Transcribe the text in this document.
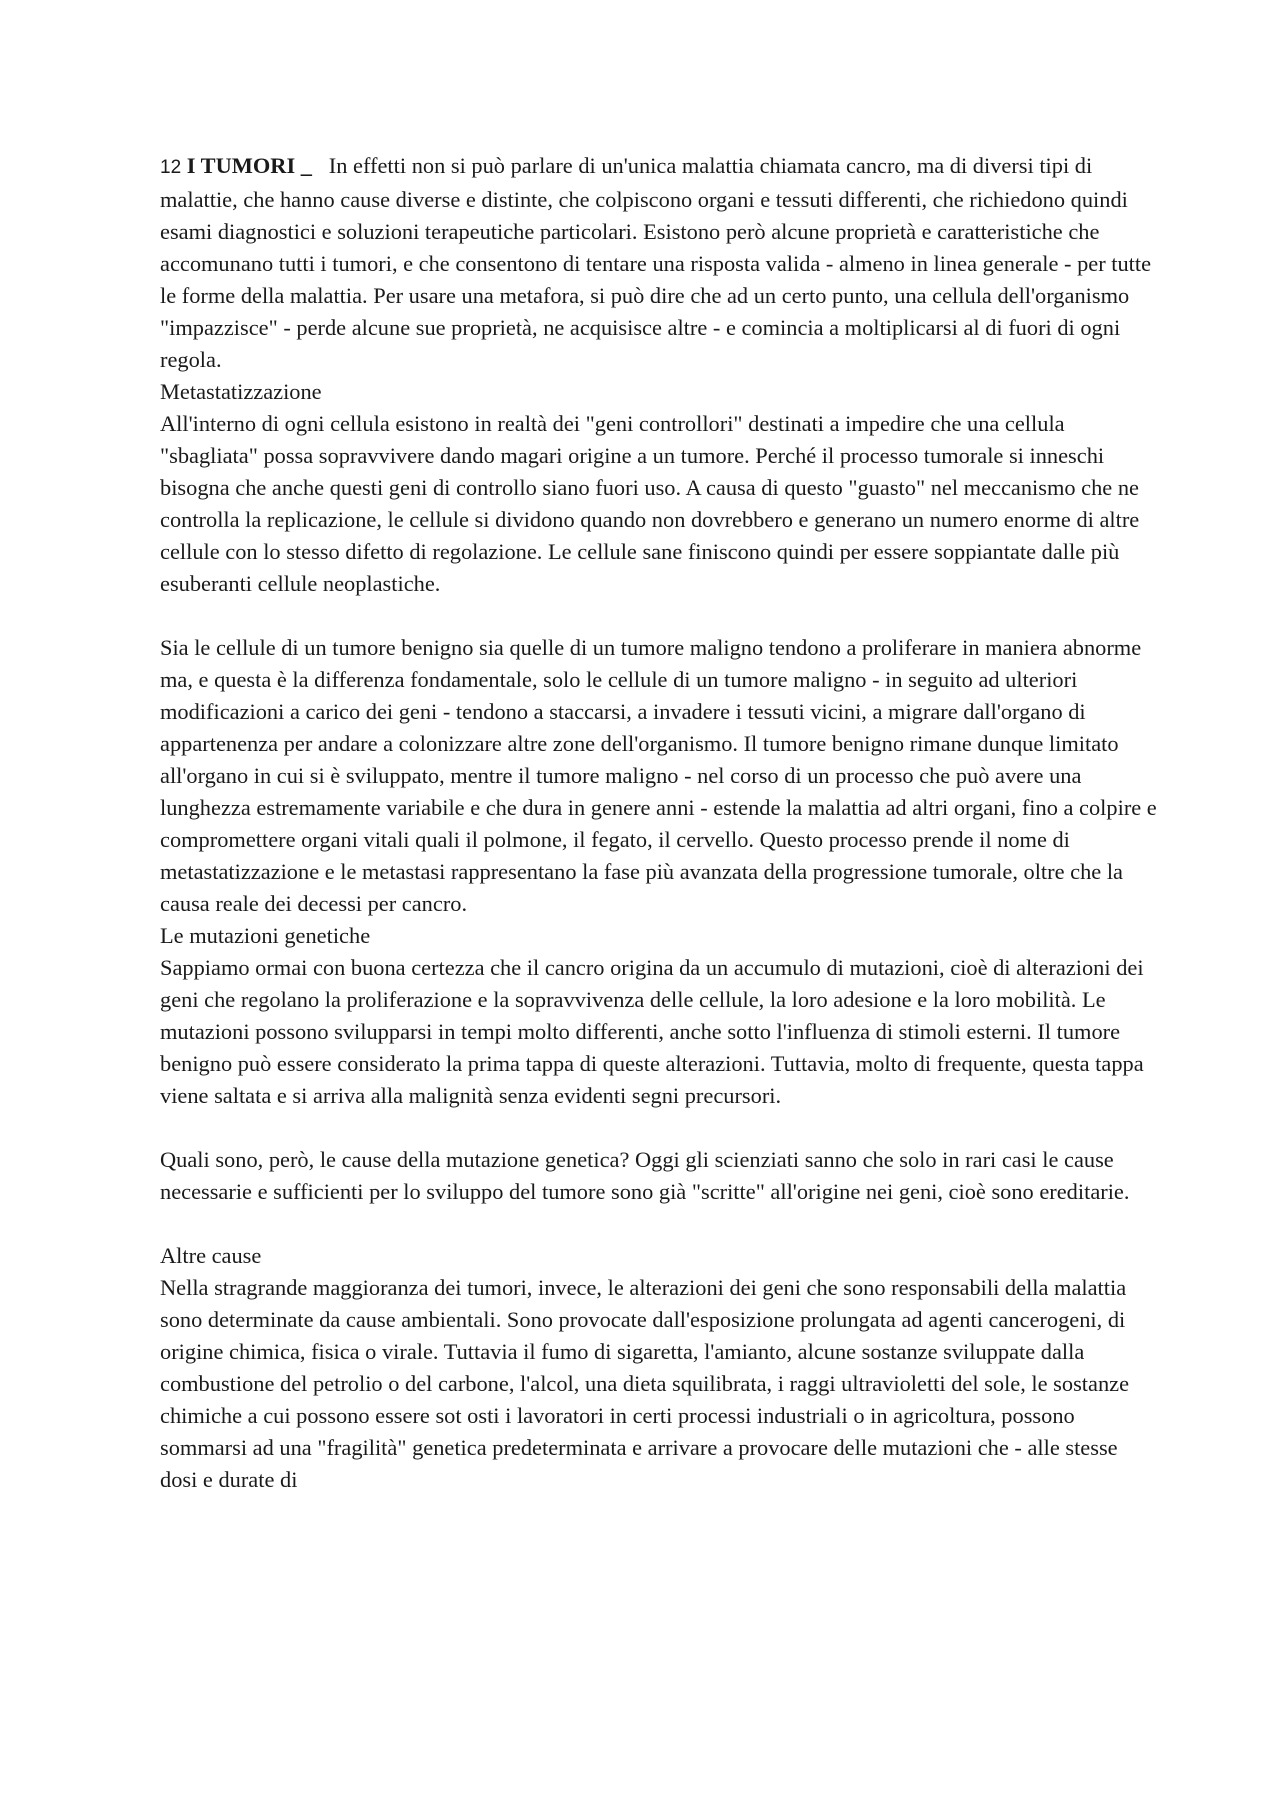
12 I TUMORI _ In effetti non si può parlare di un'unica malattia chiamata cancro, ma di diversi tipi di malattie, che hanno cause diverse e distinte, che colpiscono organi e tessuti differenti, che richiedono quindi esami diagnostici e soluzioni terapeutiche particolari. Esistono però alcune proprietà e caratteristiche che accomunano tutti i tumori, e che consentono di tentare una risposta valida - almeno in linea generale - per tutte le forme della malattia. Per usare una metafora, si può dire che ad un certo punto, una cellula dell'organismo "impazzisce" - perde alcune sue proprietà, ne acquisisce altre - e comincia a moltiplicarsi al di fuori di ogni regola.

Metastatizzazione

All'interno di ogni cellula esistono in realtà dei "geni controllori" destinati a impedire che una cellula "sbagliata" possa sopravvivere dando magari origine a un tumore. Perché il processo tumorale si inneschi bisogna che anche questi geni di controllo siano fuori uso. A causa di questo "guasto" nel meccanismo che ne controlla la replicazione, le cellule si dividono quando non dovrebbero e generano un numero enorme di altre cellule con lo stesso difetto di regolazione. Le cellule sane finiscono quindi per essere soppiantate dalle più esuberanti cellule neoplastiche.

Sia le cellule di un tumore benigno sia quelle di un tumore maligno tendono a proliferare in maniera abnorme ma, e questa è la differenza fondamentale, solo le cellule di un tumore maligno - in seguito ad ulteriori modificazioni a carico dei geni - tendono a staccarsi, a invadere i tessuti vicini, a migrare dall'organo di appartenenza per andare a colonizzare altre zone dell'organismo. Il tumore benigno rimane dunque limitato all'organo in cui si è sviluppato, mentre il tumore maligno - nel corso di un processo che può avere una lunghezza estremamente variabile e che dura in genere anni - estende la malattia ad altri organi, fino a colpire e compromettere organi vitali quali il polmone, il fegato, il cervello. Questo processo prende il nome di metastatizzazione e le metastasi rappresentano la fase più avanzata della progressione tumorale, oltre che la causa reale dei decessi per cancro.

Le mutazioni genetiche

Sappiamo ormai con buona certezza che il cancro origina da un accumulo di mutazioni, cioè di alterazioni dei geni che regolano la proliferazione e la sopravvivenza delle cellule, la loro adesione e la loro mobilità. Le mutazioni possono svilupparsi in tempi molto differenti, anche sotto l'influenza di stimoli esterni. Il tumore benigno può essere considerato la prima tappa di queste alterazioni. Tuttavia, molto di frequente, questa tappa viene saltata e si arriva alla malignità senza evidenti segni precursori.

Quali sono, però, le cause della mutazione genetica? Oggi gli scienziati sanno che solo in rari casi le cause necessarie e sufficienti per lo sviluppo del tumore sono già "scritte" all'origine nei geni, cioè sono ereditarie.

Altre cause

Nella stragrande maggioranza dei tumori, invece, le alterazioni dei geni che sono responsabili della malattia sono determinate da cause ambientali. Sono provocate dall'esposizione prolungata ad agenti cancerogeni, di origine chimica, fisica o virale. Tuttavia il fumo di sigaretta, l'amianto, alcune sostanze sviluppate dalla combustione del petrolio o del carbone, l'alcol, una dieta squilibrata, i raggi ultravioletti del sole, le sostanze chimiche a cui possono essere sot osti i lavoratori in certi processi industriali o in agricoltura, possono sommarsi ad una "fragilità" genetica predeterminata e arrivare a provocare delle mutazioni che - alle stesse dosi e durate di
